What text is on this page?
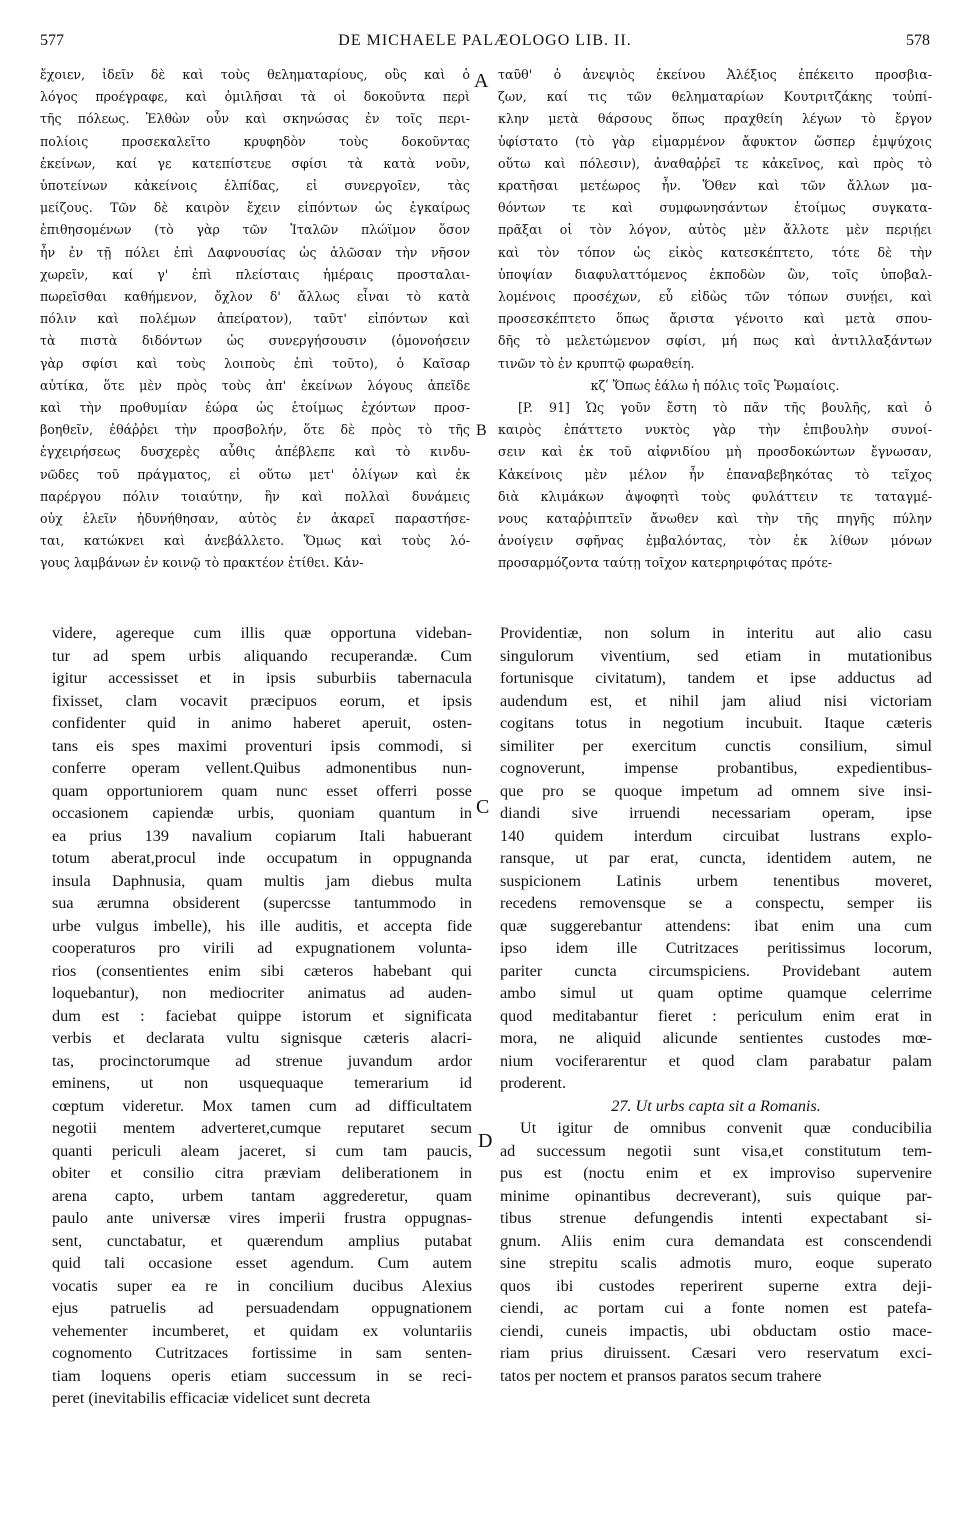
577	DE MICHAELE PALÆOLOGO LIB. II.	578
A
B
C
D
ἔχοιεν, ἰδεῖν δὲ καὶ τοὺς θεληματαρίους, οὓς καὶ ὁ
λόγος προέγραφε, καὶ ὁμιλῆσαι τὰ οἱ δοκοῦντα περὶ
τῆς πόλεως. Ἐλθὼν οὖν καὶ σκηνώσας ἐν τοῖς περι-
πολίοις προσεκαλεῖτο κρυφηδὸν τοὺς δοκοῦντας
ἐκείνων, καί γε κατεπίστευε σφίσι τὰ κατὰ νοῦν,
ὑποτείνων κἀκείνοις ἐλπίδας, εἰ συνεργοῖεν, τὰς
μείζους. Τῶν δὲ καιρὸν ἔχειν εἰπόντων ὡς ἐγκαίρως
ἐπιθησομένων (τὸ γὰρ τῶν Ἰταλῶν πλώϊμον ὅσον
ἦν ἐν τῇ πόλει ἐπὶ Δαφνουσίας ὡς ἁλῶσαν τὴν νῆσον
χωρεῖν, καί γ' ἐπὶ πλείσταις ἡμέραις προσταλαι-
πωρεῖσθαι καθήμενον, ὄχλον δ' ἄλλως εἶναι τὸ κατὰ
πόλιν καὶ πολέμων ἀπείρατον), ταῦτ' εἰπόντων καὶ
τὰ πιστὰ διδόντων ὡς συνεργήσουσιν (ὁμονοήσειν
γὰρ σφίσι καὶ τοὺς λοιποὺς ἐπὶ τοῦτο), ὁ Καῖσαρ
αὐτίκα, ὅτε μὲν πρὸς τοὺς ἀπ' ἐκείνων λόγους ἀπεῖδε
καὶ τὴν προθυμίαν ἑώρα ὡς ἑτοίμως ἐχόντων προσ-
βοηθεῖν, ἐθάῤῥει τὴν προσβολήν, ὅτε δὲ πρὸς τὸ τῆς
ἐγχειρήσεως δυσχερὲς αὖθις ἀπέβλεπε καὶ τὸ κινδυ-
νῶδες τοῦ πράγματος, εἰ οὕτω μετ' ὀλίγων καὶ ἐκ
παρέργου πόλιν τοιαύτην, ἣν καὶ πολλαὶ δυνάμεις
οὐχ ἑλεῖν ἠδυνήθησαν, αὐτὸς ἐν ἀκαρεῖ παραστήσε-
ται, κατώκνει καὶ ἀνεβάλλετο. Ὅμως καὶ τοὺς λό-
γους λαμβάνων ἐν κοινῷ τὸ πρακτέον ἐτίθει. Κἀν-
ταῦθ' ὁ ἀνεψιὸς ἐκείνου Ἀλέξιος ἐπέκειτο προσβια-
ζων, καί τις τῶν θεληματαρίων Κουτριτζάκης τοὐπί-
κλην μετὰ θάρσους ὅπως πραχθείη λέγων τὸ ἔργον
ὑφίστατο (τὸ γὰρ εἱμαρμένον ἄφυκτον ὥσπερ ἐμψύχοις
οὕτω καὶ πόλεσιν), ἀναθαῤῥεῖ τε κἀκεῖνος, καὶ πρὸς τὸ
κρατῆσαι μετέωρος ἦν. Ὅθεν καὶ τῶν ἄλλων μα-
θόντων τε καὶ συμφωνησάντων ἑτοίμως συγκατα-
πρᾶξαι οἱ τὸν λόγον, αὐτὸς μὲν ἄλλοτε μὲν περιῄει
καὶ τὸν τόπον ὡς εἰκὸς κατεσκέπτετο, τότε δὲ τὴν
ὑποψίαν διαφυλαττόμενος ἐκποδὼν ὢν, τοῖς ὑποβαλ-
λομένοις προσέχων, εὖ εἰδὼς τῶν τόπων συνῄει, καὶ
προσεσκέπτετο ὅπως ἄριστα γένοιτο καὶ μετὰ σπου-
δῆς τὸ μελετώμενον σφίσι, μή πως καὶ ἀντιλλαξάντων
τινῶν τὸ ἐν κρυπτῷ φωραθείη.
κζʹ Ὅπως ἑάλω ἡ πόλις τοῖς Ῥωμαίοις.
[P. 91] Ὡς γοῦν ἔστη τὸ πᾶν τῆς βουλῆς, καὶ ὁ
καιρὸς ἐπάττετο νυκτὸς γὰρ τὴν ἐπιβουλὴν συνοί-
σειν καὶ ἐκ τοῦ αἰφνιδίου μὴ προσδοκώντων ἔγνωσαν,
Κἀκείνοις μὲν μέλον ἦν ἐπαναβεβηκότας τὸ τεῖχος
διὰ κλιμάκων ἀψοφητὶ τοὺς φυλάττειν τε ταταγμέ-
νους καταῤῥιπτεῖν ἄνωθεν καὶ τὴν τῆς πηγῆς πύλην
ἀνοίγειν σφῆνας ἐμβαλόντας, τὸν ἐκ λίθων μόνων
προσαρμόζοντα ταύτῃ τοῖχον κατερηριφότας πρότε-
videre, agereque cum illis quæ opportuna videban-
tur ad spem urbis aliquando recuperandæ. Cum
igitur accessisset et in ipsis suburbiis tabernacula
fixisset, clam vocavit præcipuos eorum, et ipsis
confidenter quid in animo haberet aperuit, osten-
tans eis spes maximi proventuri ipsis commodi, si
conferre operam vellent.Quibus admonentibus nun-
quam opportuniorem quam nunc esset offerri posse
occasionem capiendæ urbis, quoniam quantum in
ea prius 139 navalium copiarum Itali habuerant
totum aberat,procul inde occupatum in oppugnanda
insula Daphnusia, quam multis jam diebus multa
sua ærumna obsiderent (supercsse tantummodo in
urbe vulgus imbelle), his ille auditis, et accepta fide
cooperaturos pro virili ad expugnationem volunta-
rios (consentientes enim sibi cæteros habebant qui
loquebantur), non mediocriter animatus ad auden-
dum est : faciebat quippe istorum et significata
verbis et declarata vultu signisque cæteris alacri-
tas, procinctorumque ad strenue juvandum ardor
eminens, ut non usquequaque temerarium id
cœptum videretur. Mox tamen cum ad difficultatem
negotii mentem adverteret,cumque reputaret secum
quanti periculi aleam jaceret, si cum tam paucis,
obiter et consilio citra præviam deliberationem in
arena capto, urbem tantam aggrederetur, quam
paulo ante universæ vires imperii frustra oppugnas-
sent, cunctabatur, et quærendum amplius putabat
quid tali occasione esset agendum. Cum autem
vocatis super ea re in concilium ducibus Alexius
ejus patruelis ad persuadendam oppugnationem
vehementer incumberet, et quidam ex voluntariis
cognomento Cutritzaces fortissime in sam senten-
tiam loquens operis etiam successum in se reci-
peret (inevitabilis efficaciæ videlicet sunt decreta
Providentiæ, non solum in interitu aut alio casu
singulorum viventium, sed etiam in mutationibus
fortunisque civitatum), tandem et ipse adductus ad
audendum est, et nihil jam aliud nisi victoriam
cogitans totus in negotium incubuit. Itaque cæteris
similiter per exercitum cunctis consilium, simul
cognoverunt, impense probantibus, expedientibus-
que pro se quoque impetum ad omnem sive insi-
diandi sive irruendi necessariam operam, ipse
140 quidem interdum circuibat lustrans explo-
ransque, ut par erat, cuncta, identidem autem, ne
suspicionem Latinis urbem tenentibus moveret,
recedens removensque se a conspectu, semper iis
quæ suggerebantur attendens: ibat enim una cum
ipso idem ille Cutritzaces peritissimus locorum,
pariter cuncta circumspiciens. Providebant autem
ambo simul ut quam optime quamque celerrime
quod meditabantur fieret : periculum enim erat in
mora, ne aliquid alicunde sentientes custodes mœ-
nium vociferarentur et quod clam parabatur palam
proderent.
27. Ut urbs capta sit a Romanis.
Ut igitur de omnibus convenit quæ conducibilia
ad successum negotii sunt visa,et constitutum tem-
pus est (noctu enim et ex improviso supervenire
minime opinantibus decreverant), suis quique par-
tibus strenue defungendis intenti expectabant si-
gnum. Aliis enim cura demandata est conscendendi
sine strepitu scalis admotis muro, eoque superato
quos ibi custodes reperirent superne extra deji-
ciendi, ac portam cui a fonte nomen est patefa-
ciendi, cuneis impactis, ubi obductam ostio mace-
riam prius diruissent. Cæsari vero reservatum exci-
tatos per noctem et pransos paratos secum trahere
